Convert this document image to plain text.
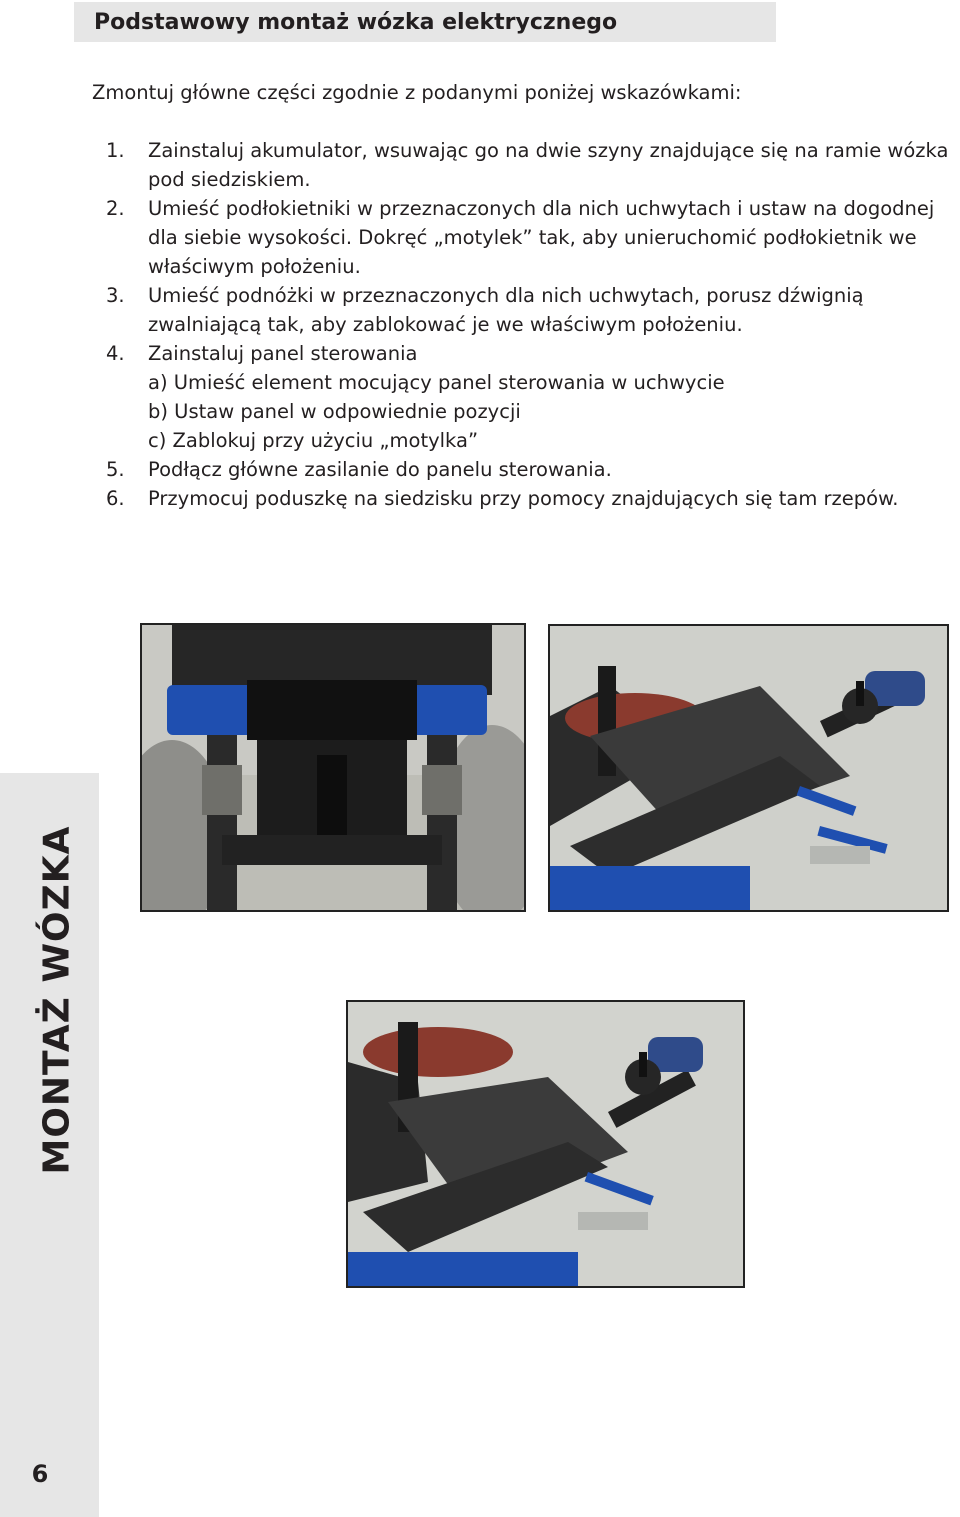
Podstawowy montaż wózka elektrycznego

Zmontuj główne części zgodnie z podanymi poniżej wskazówkami:

1. Zainstaluj akumulator, wsuwając go na dwie szyny znajdujące się na ramie wózka
pod siedziskiem.
2. Umieść podłokietniki w przeznaczonych dla nich uchwytach i ustaw na dogodnej
dla siebie wysokości. Dokręć „motylek” tak, aby unieruchomić podłokietnik we
właściwym położeniu.
3. Umieść podnóżki w przeznaczonych dla nich uchwytach, porusz dźwignią
zwalniającą tak, aby zablokować je we właściwym położeniu.
4. Zainstaluj panel sterowania
a) Umieść element mocujący panel sterowania w uchwycie
b) Ustaw panel w odpowiednie pozycji
c) Zablokuj przy użyciu „motylka”
5. Podłącz główne zasilanie do panelu sterowania.
6. Przymocuj poduszkę na siedzisku przy pomocy znajdujących się tam rzepów.
MONTAŻ WÓZKA
6
